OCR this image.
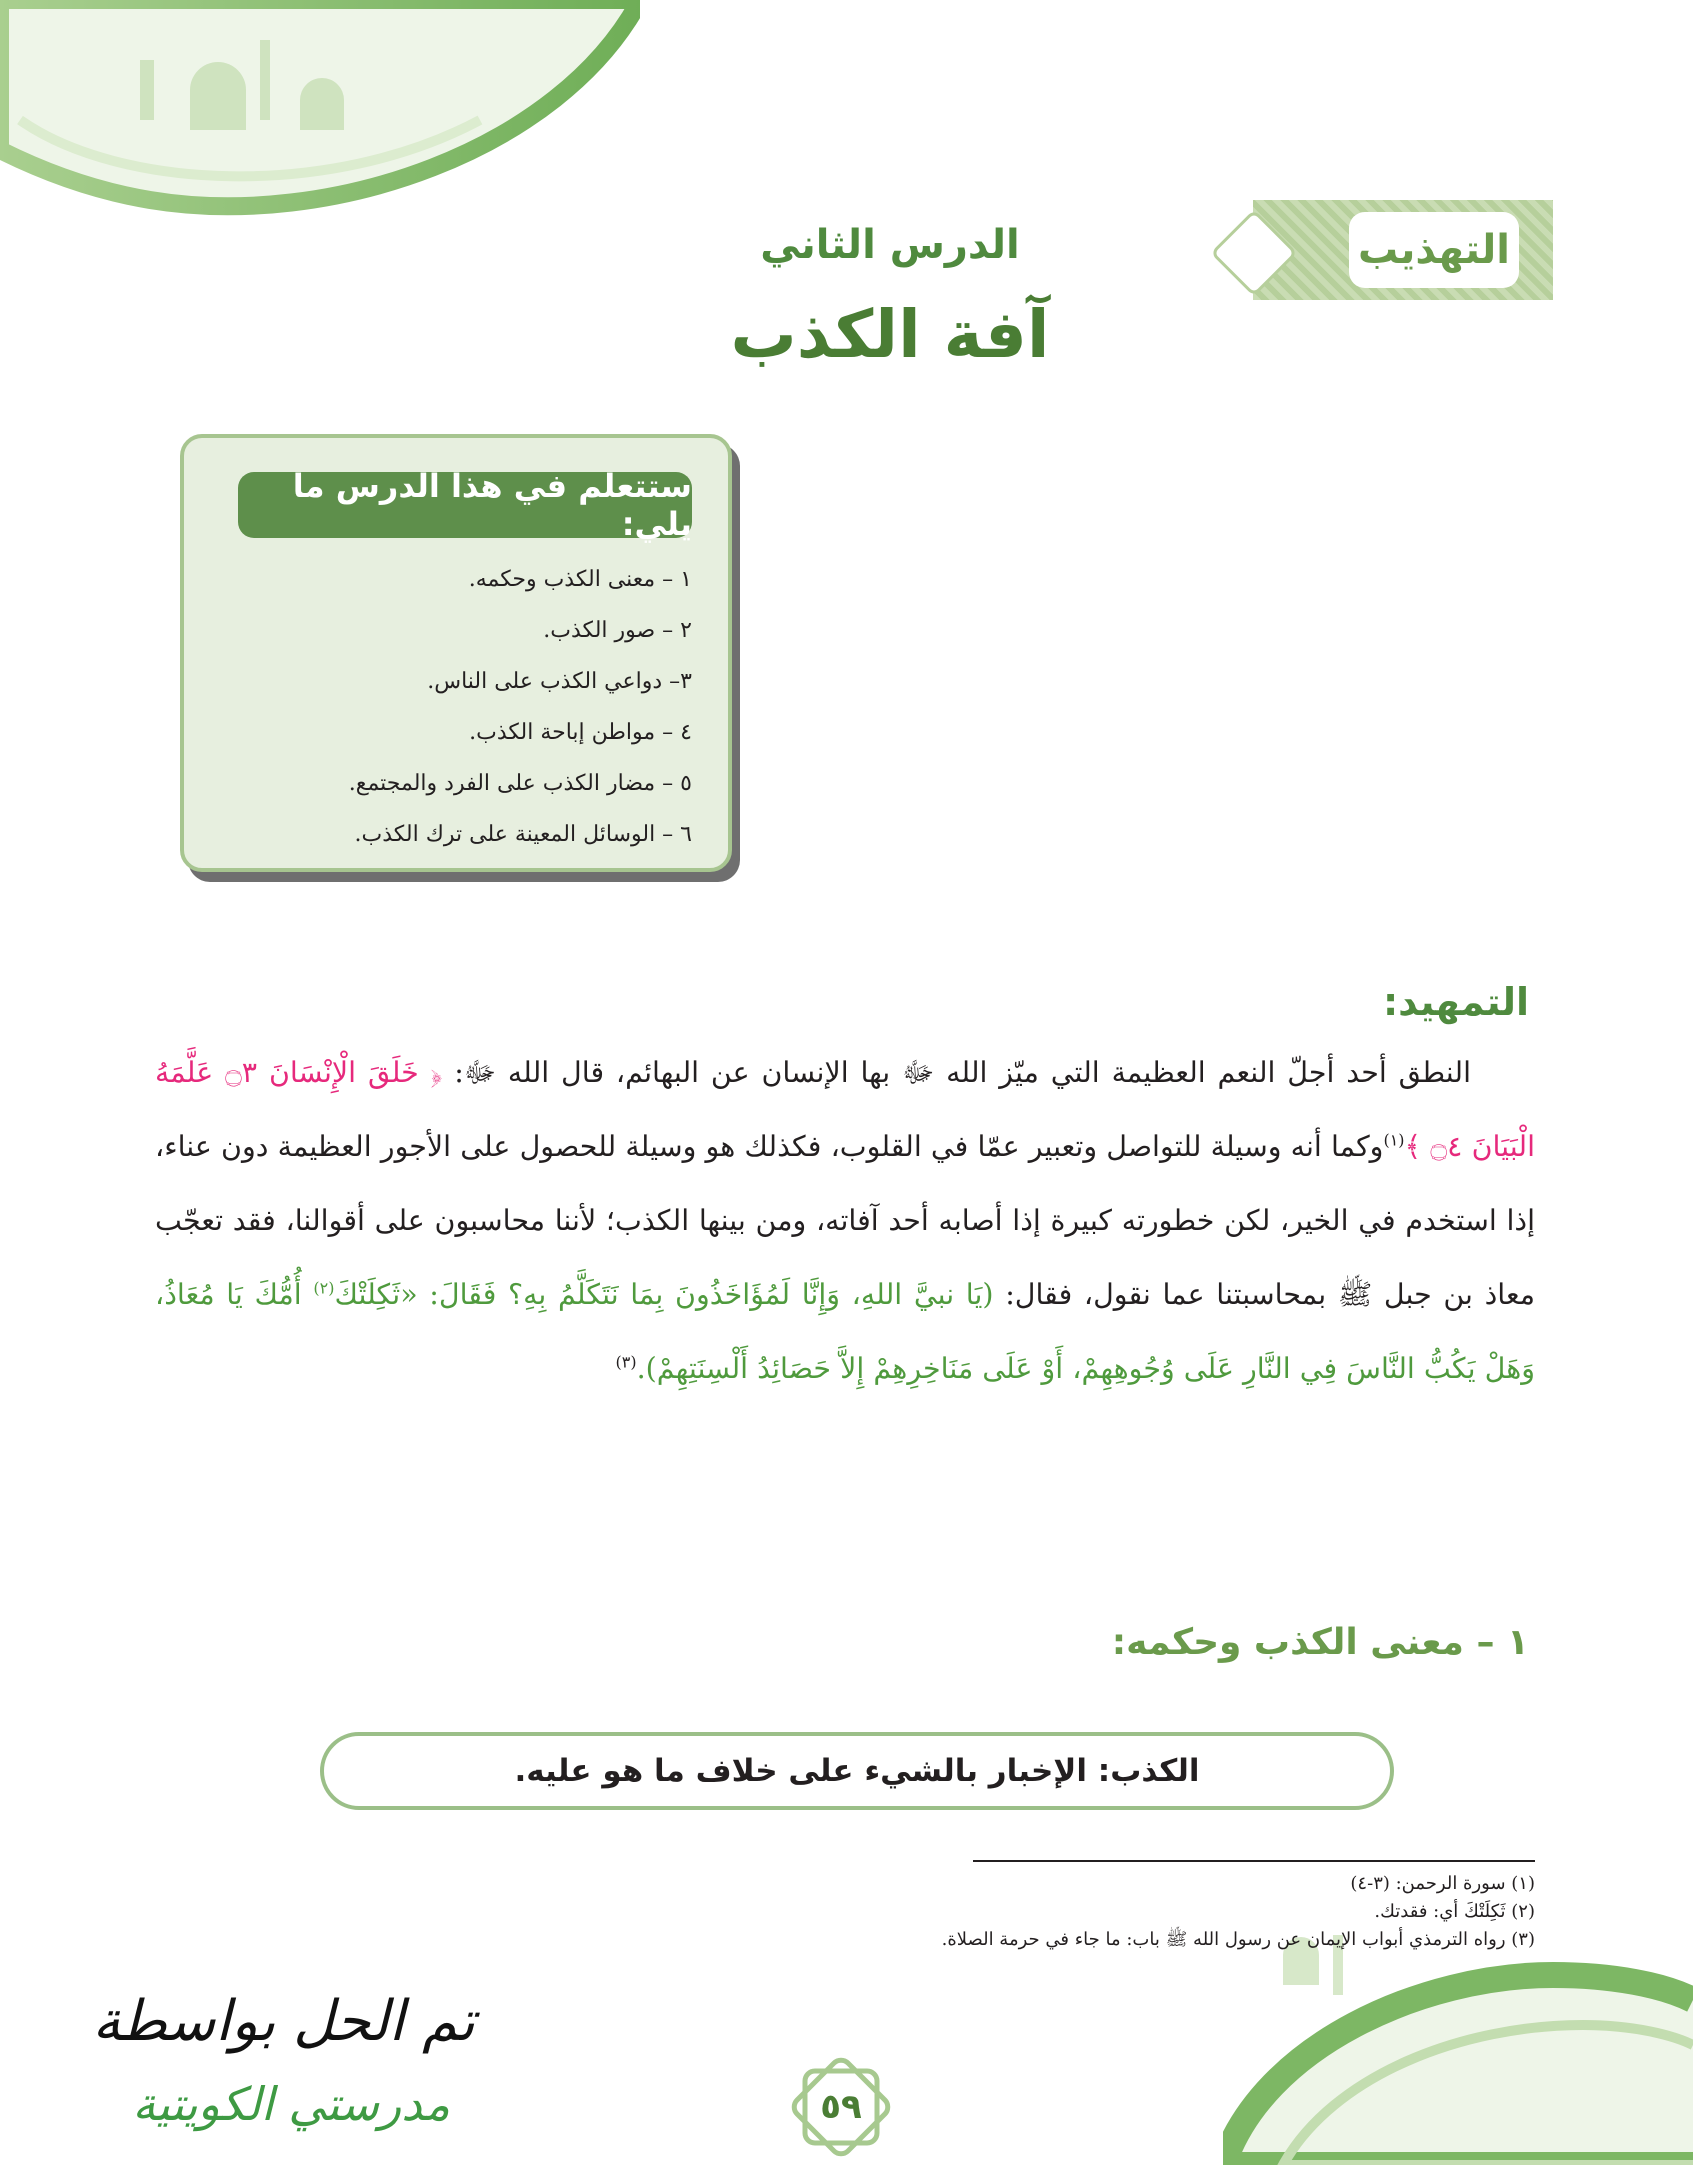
التهذيب
الدرس الثاني
آفة الكذب
ستتعلم في هذا الدرس ما يلي:
١ – معنى الكذب وحكمه.
٢ – صور الكذب.
٣– دواعي الكذب على الناس.
٤ – مواطن إباحة الكذب.
٥ – مضار الكذب على الفرد والمجتمع.
٦ – الوسائل المعينة على ترك الكذب.
التمهيد:
النطق أحد أجلّ النعم العظيمة التي ميّز الله ﷻ بها الإنسان عن البهائم، قال الله ﷻ: ﴿ خَلَقَ الْإِنْسَانَ ۝٣ عَلَّمَهُ الْبَيَانَ ۝٤ ﴾$^{(١)}$وكما أنه وسيلة للتواصل وتعبير عمّا في القلوب، فكذلك هو وسيلة للحصول على الأجور العظيمة دون عناء، إذا استخدم في الخير، لكن خطورته كبيرة إذا أصابه أحد آفاته، ومن بينها الكذب؛ لأننا محاسبون على أقوالنا، فقد تعجّب معاذ بن جبل ﷺ بمحاسبتنا عما نقول، فقال: (يَا نبيَّ اللهِ، وَإِنَّا لَمُؤَاخَذُونَ بِمَا نَتَكَلَّمُ بِهِ؟ فَقَالَ: «ثَكِلَتْكَ$^{(٢)}$ أُمُّكَ يَا مُعَاذُ، وَهَلْ يَكُبُّ النَّاسَ فِي النَّارِ عَلَى وُجُوهِهِمْ، أَوْ عَلَى مَنَاخِرِهِمْ إِلاَّ حَصَائِدُ أَلْسِنَتِهِمْ).$^{(٣)}$
١ – معنى الكذب وحكمه:
الكذب: الإخبار بالشيء على خلاف ما هو عليه.
(١) سورة الرحمن: (٣-٤)
(٢) ثَكِلَتْكَ أي: فقدتك.
(٣) رواه الترمذي أبواب الإيمان عن رسول الله ﷺ باب: ما جاء في حرمة الصلاة.
تم الحل بواسطة
مدرستي الكويتية	٥٩
